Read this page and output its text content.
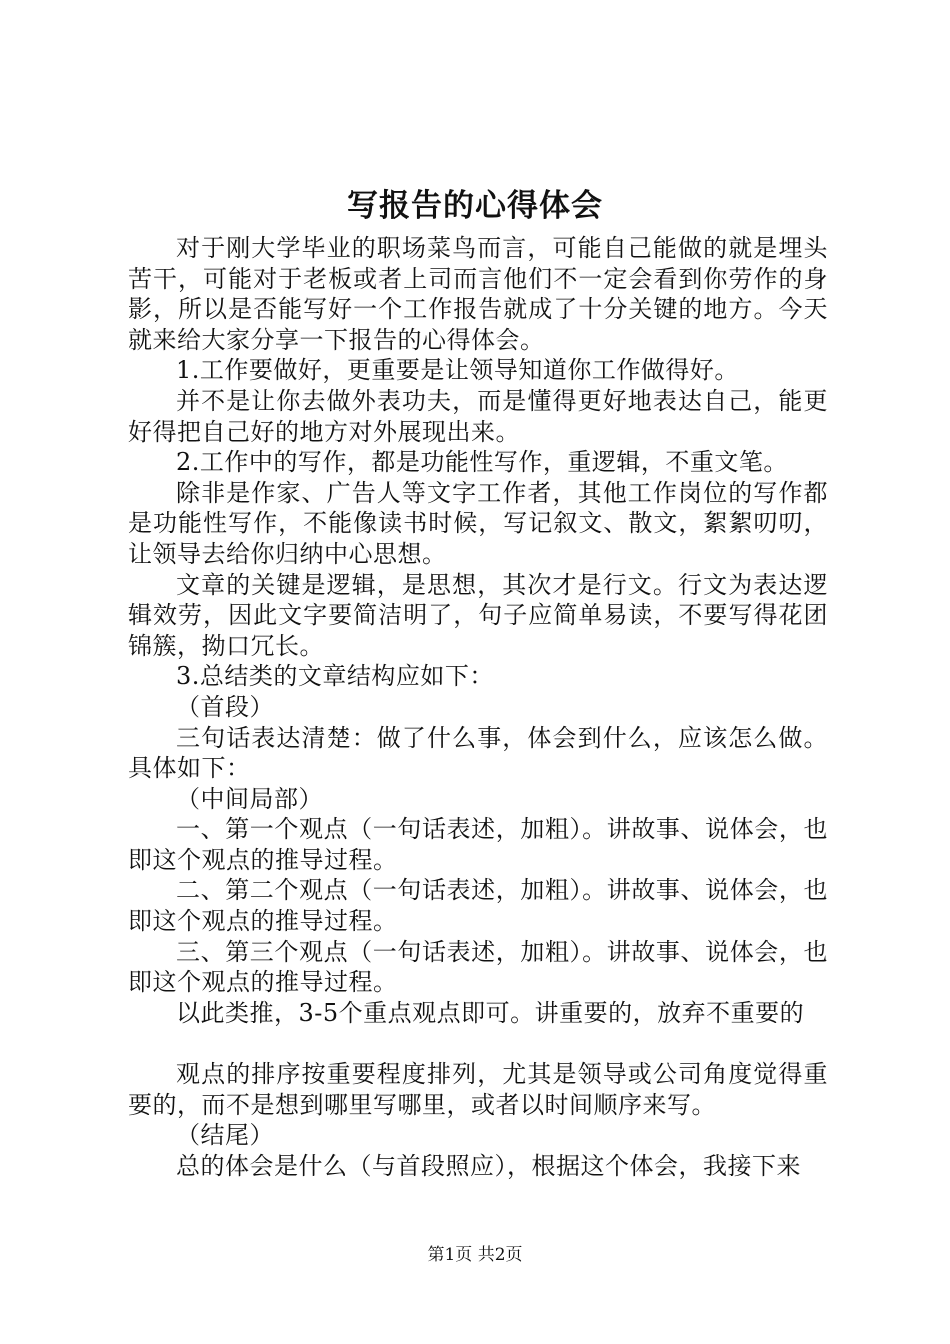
写报告的心得体会

对于刚大学毕业的职场菜鸟而言，可能自己能做的就是埋头苦干，可能对于老板或者上司而言他们不一定会看到你劳作的身影，所以是否能写好一个工作报告就成了十分关键的地方。今天就来给大家分享一下报告的心得体会。

1.工作要做好，更重要是让领导知道你工作做得好。

并不是让你去做外表功夫，而是懂得更好地表达自己，能更好得把自己好的地方对外展现出来。

2.工作中的写作，都是功能性写作，重逻辑，不重文笔。

除非是作家、广告人等文字工作者，其他工作岗位的写作都是功能性写作，不能像读书时候，写记叙文、散文，絮絮叨叨，让领导去给你归纳中心思想。

文章的关键是逻辑，是思想，其次才是行文。行文为表达逻辑效劳，因此文字要简洁明了，句子应简单易读，不要写得花团锦簇，拗口冗长。

3.总结类的文章结构应如下：

（首段）

三句话表达清楚：做了什么事，体会到什么，应该怎么做。具体如下：

（中间局部）

一、第一个观点（一句话表述，加粗）。讲故事、说体会，也即这个观点的推导过程。

二、第二个观点（一句话表述，加粗）。讲故事、说体会，也即这个观点的推导过程。

三、第三个观点（一句话表述，加粗）。讲故事、说体会，也即这个观点的推导过程。

以此类推，3-5个重点观点即可。讲重要的，放弃不重要的

观点的排序按重要程度排列，尤其是领导或公司角度觉得重要的，而不是想到哪里写哪里，或者以时间顺序来写。

（结尾）

总的体会是什么（与首段照应），根据这个体会，我接下来

第1页 共2页
